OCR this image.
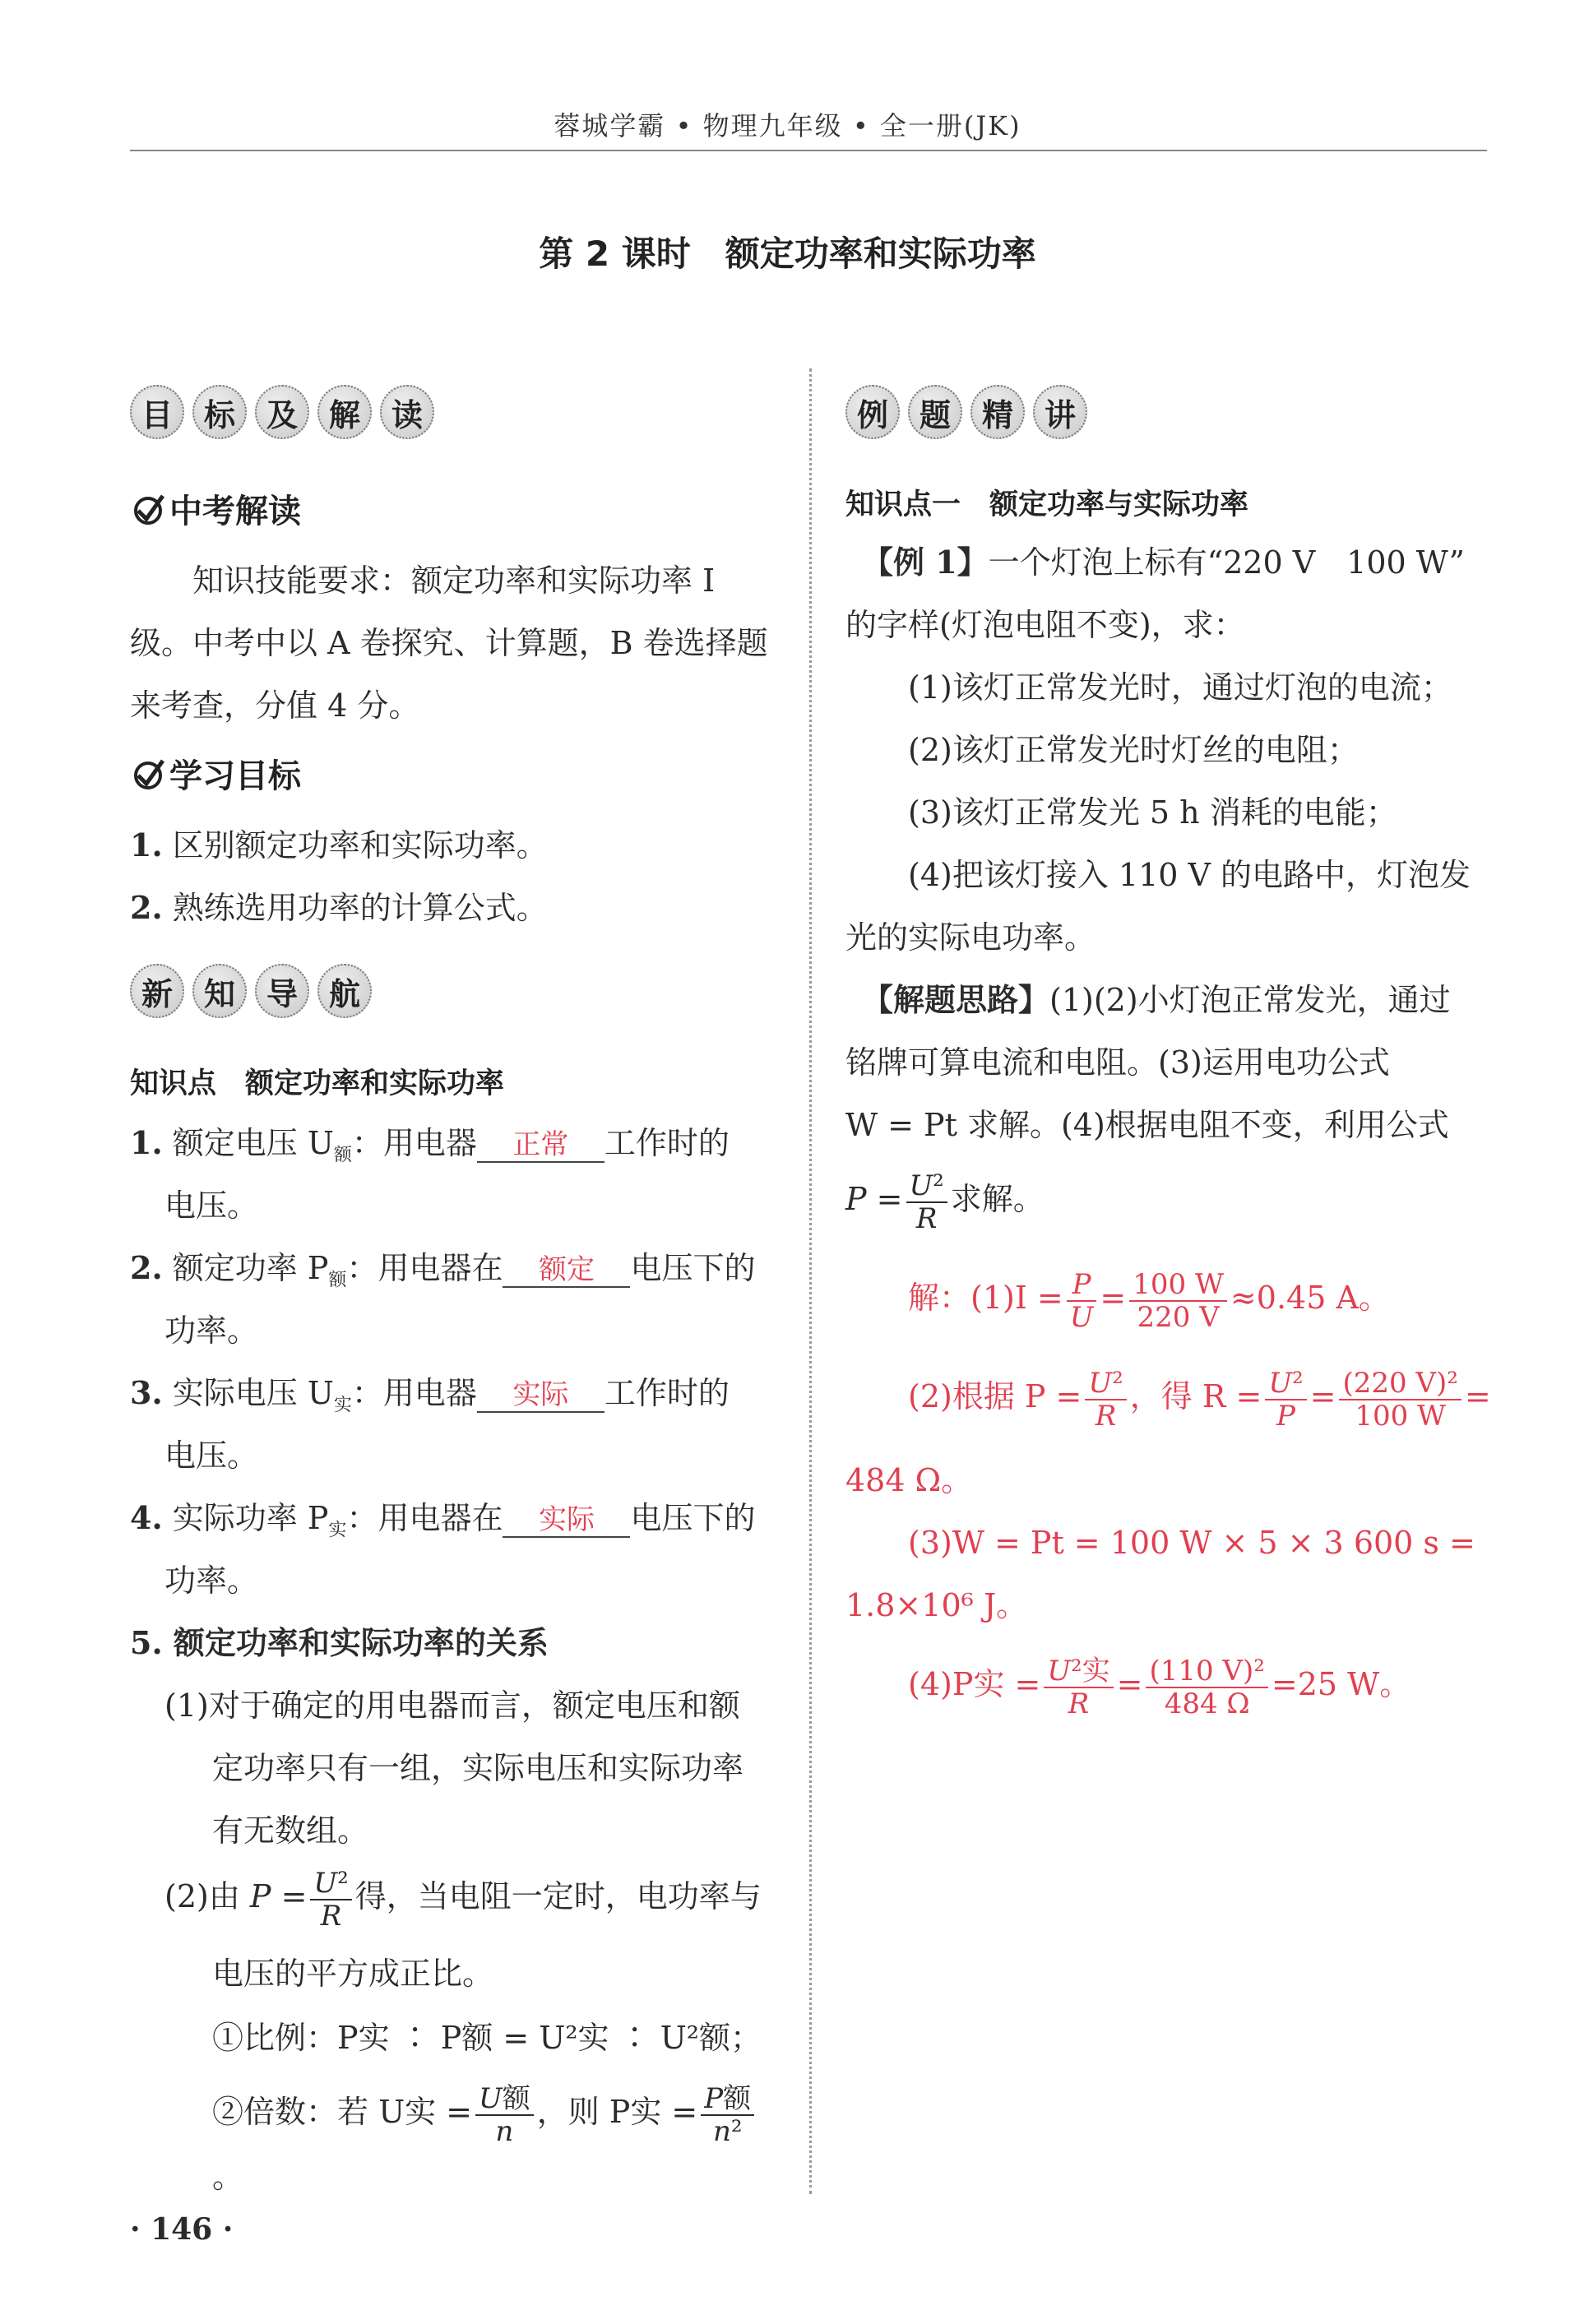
蓉城学霸 • 物理九年级 • 全一册(JK)
第 2 课时　额定功率和实际功率
目 标 及 解 读
中考解读
知识技能要求：额定功率和实际功率 I
级。中考中以 A 卷探究、计算题，B 卷选择题
来考查，分值 4 分。
学习目标
1. 区别额定功率和实际功率。
2. 熟练选用功率的计算公式。
新 知 导 航
知识点　额定功率和实际功率
1. 额定电压 $U_额$：用电器 正常 工作时的
电压。
2. 额定功率 $P_额$：用电器在 额定 电压下的
功率。
3. 实际电压 $U_实$：用电器 实际 工作时的
电压。
4. 实际功率 $P_实$：用电器在 实际 电压下的
功率。
5. 额定功率和实际功率的关系
(1)对于确定的用电器而言，额定电压和额
定功率只有一组，实际电压和实际功率
有无数组。
(2)由 $P = \frac{\text{U²}}{R}$ 得，当电阻一定时，电功率与
电压的平方成正比。
①比例：P实 ∶ P额 = U²实 ∶ U²额；
②倍数：若 U实 = $\frac{\text{U额}}{n}$ ，则 P实 = $\frac{\text{P额}}{\text{n²}}$
。
例 题 精 讲
知识点一　额定功率与实际功率
【例 1】一个灯泡上标有“220 V　100 W”
的字样(灯泡电阻不变)，求：
(1)该灯正常发光时，通过灯泡的电流；
(2)该灯正常发光时灯丝的电阻；
(3)该灯正常发光 5 h 消耗的电能；
(4)把该灯接入 110 V 的电路中，灯泡发
光的实际电功率。
【解题思路】(1)(2)小灯泡正常发光，通过
铭牌可算电流和电阻。(3)运用电功公式
W = Pt 求解。(4)根据电阻不变，利用公式
$P = \frac{\text{U²}}{R}$ 求解。
解：$(1)I = \frac{P}{U} = \frac{100 W}{220 V} \approx 0.45$ A。
(2)根据 $P = \frac{\text{U²}}{R}$ ，得 $R = \frac{\text{U²}}{P} = \frac{\text{(220 V)²}}{100 W}$ =
484 Ω。
(3)W = Pt = 100 W × 5 × 3 600 s =
1.8×10⁶ J。
(4)P实 = $\frac{\text{U²实}}{R} = \frac{\text{(110 V)²}}{484 \Omega} =25$ W。
· 146 ·
